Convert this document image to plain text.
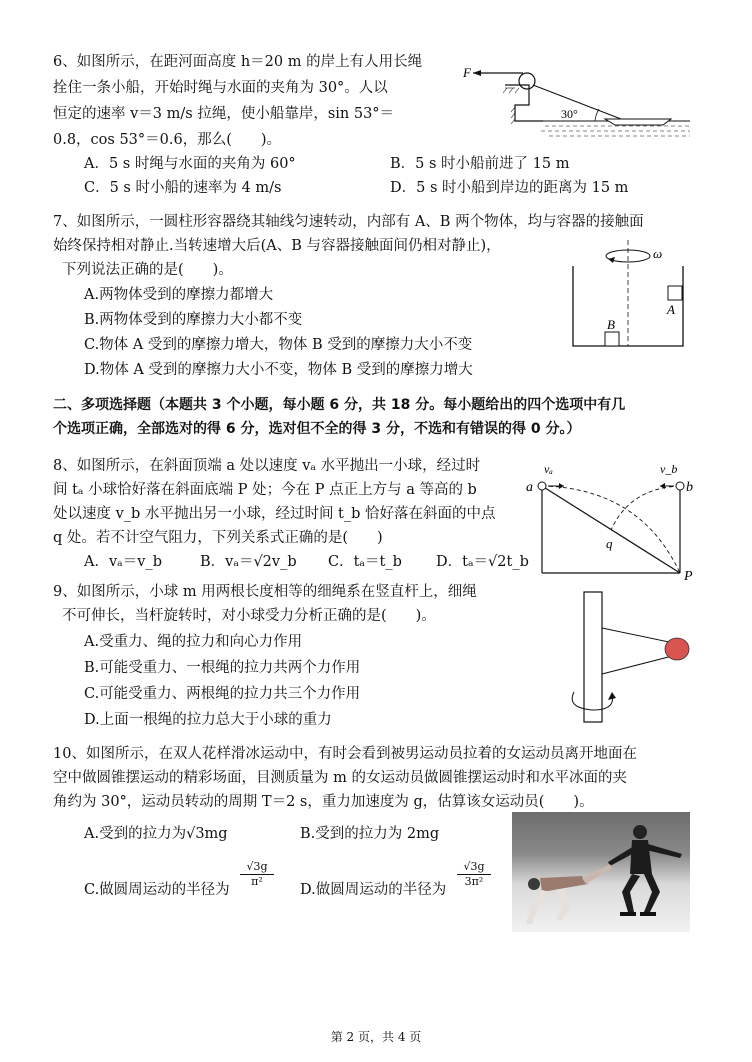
6、如图所示，在距河面高度 h＝20 m 的岸上有人用长绳
拴住一条小船，开始时绳与水面的夹角为 30°。人以
恒定的速率 v＝3 m/s 拉绳，使小船靠岸，sin 53°＝
0.8，cos 53°＝0.6，那么(　　)。
A．5 s 时绳与水面的夹角为 60°	B．5 s 时小船前进了 15 m
C．5 s 时小船的速率为 4 m/s	D．5 s 时小船到岸边的距离为 15 m
F
30°
7、如图所示，一圆柱形容器绕其轴线匀速转动，内部有 A、B 两个物体，均与容器的接触面
始终保持相对静止.当转速增大后(A、B 与容器接触面间仍相对静止)，
下列说法正确的是(　　)。
A.两物体受到的摩擦力都增大
B.两物体受到的摩擦力大小都不变
C.物体 A 受到的摩擦力增大，物体 B 受到的摩擦力大小不变
D.物体 A 受到的摩擦力大小不变，物体 B 受到的摩擦力增大
ω
A
B
二、多项选择题（本题共 3 个小题，每小题 6 分，共 18 分。每小题给出的四个选项中有几
个选项正确，全部选对的得 6 分，选对但不全的得 3 分，不选和有错误的得 0 分。）
8、如图所示，在斜面顶端 a 处以速度 vₐ 水平抛出一小球，经过时
间 tₐ 小球恰好落在斜面底端 P 处；今在 P 点正上方与 a 等高的 b
处以速度 v_b 水平抛出另一小球，经过时间 t_b 恰好落在斜面的中点
q 处。若不计空气阻力，下列关系式正确的是(　　)
A．vₐ＝v_b	B．vₐ＝√2v_b C．tₐ＝t_b D．tₐ＝√2t_b
vₐ	v_b
a	b
q
P
9、如图所示，小球 m 用两根长度相等的细绳系在竖直杆上，细绳
不可伸长，当杆旋转时，对小球受力分析正确的是(　　)。
A.受重力、绳的拉力和向心力作用
B.可能受重力、一根绳的拉力共两个力作用
C.可能受重力、两根绳的拉力共三个力作用
D.上面一根绳的拉力总大于小球的重力
10、如图所示，在双人花样滑冰运动中，有时会看到被男运动员拉着的女运动员离开地面在
空中做圆锥摆运动的精彩场面，目测质量为 m 的女运动员做圆锥摆运动时和水平冰面的夹
角约为 30°，运动员转动的周期 T＝2 s，重力加速度为 g，估算该女运动员(　　)。
A.受到的拉力为√3mg	B.受到的拉力为 2mg
C.做圆周运动的半径为
$\frac{√3g}{\text{π²}}$
D.做圆周运动的半径为
$\frac{√3g}{\text{3π²}}$
第 2 页，共 4 页
